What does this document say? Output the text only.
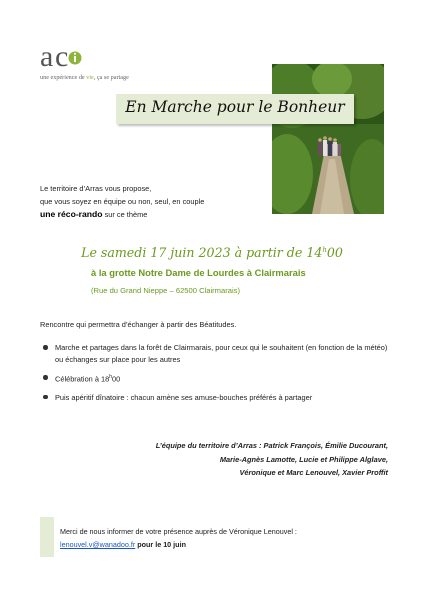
a c
une expérience de vie, ça se partage
En Marche pour le Bonheur
Le territoire d’Arras vous propose,
que vous soyez en équipe ou non, seul, en couple
une réco-rando sur ce thème
Le samedi 17 juin 2023 à partir de 14$^h$00
à la grotte Notre Dame de Lourdes à Clairmarais
(Rue du Grand Nieppe – 62500 Clairmarais)
Rencontre qui permettra d’échanger à partir des Béatitudes.
Marche et partages dans la forêt de Clairmarais, pour ceux qui le souhaitent (en fonction de la météo) ou échanges sur place pour les autres
Célébration à 18$^h$00
Puis apéritif dînatoire : chacun amène ses amuse-bouches préférés à partager
L’équipe du territoire d’Arras : Patrick François, Émilie Ducourant,
Marie-Agnès Lamotte, Lucie et Philippe Alglave,
Véronique et Marc Lenouvel, Xavier Proffit
Merci de nous informer de votre présence auprès de Véronique Lenouvel :
lenouvel.v@wanadoo.fr pour le 10 juin
